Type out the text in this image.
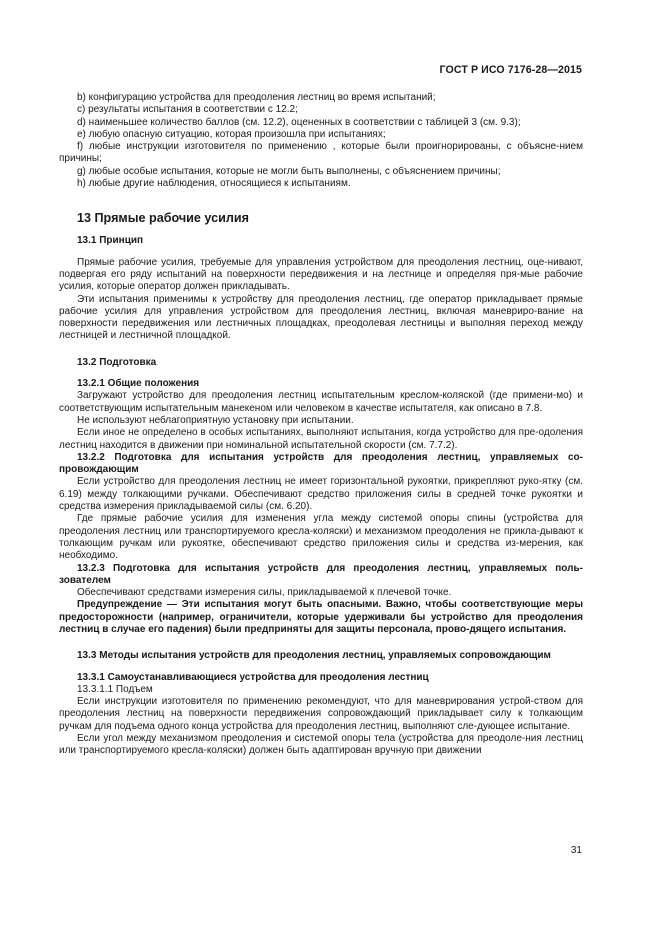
ГОСТ Р ИСО 7176-28—2015

b) конфигурацию устройства для преодоления лестниц во время испытаний;

c) результаты испытания в соответствии с 12.2;

d) наименьшее количество баллов (см. 12.2), оцененных в соответствии с таблицей 3 (см. 9.3);

e) любую опасную ситуацию, которая произошла при испытаниях;

f) любые инструкции изготовителя по применению , которые были проигнорированы, с объясне-нием причины;

g) любые особые испытания, которые не могли быть выполнены, с объяснением причины;

h) любые другие наблюдения, относящиеся к испытаниям.

13 Прямые рабочие усилия
13.1 Принцип

Прямые рабочие усилия, требуемые для управления устройством для преодоления лестниц, оце-нивают, подвергая его ряду испытаний на поверхности передвижения и на лестнице и определяя пря-мые рабочие усилия, которые оператор должен прикладывать.

Эти испытания применимы к устройству для преодоления лестниц, где оператор прикладывает прямые рабочие усилия для управления устройством для преодоления лестниц, включая маневриро-вание на поверхности передвижения или лестничных площадках, преодолевая лестницы и выполняя переход между лестницей и лестничной площадкой.

13.2 Подготовка
13.2.1 Общие положения

Загружают устройство для преодоления лестниц испытательным креслом-коляской (где примени-мо) и соответствующим испытательным манекеном или человеком в качестве испытателя, как описано в 7.8.

Не используют неблагоприятную установку при испытании.

Если иное не определено в особых испытаниях, выполняют испытания, когда устройство для пре-одоления лестниц находится в движении при номинальной испытательной скорости (см. 7.7.2).

13.2.2 Подготовка для испытания устройств для преодоления лестниц, управляемых со-провождающим

Если устройство для преодоления лестниц не имеет горизонтальной рукоятки, прикрепляют руко-ятку (см. 6.19) между толкающими ручками. Обеспечивают средство приложения силы в средней точке рукоятки и средства измерения прикладываемой силы (см. 6.20).

Где прямые рабочие усилия для изменения угла между системой опоры спины (устройства для преодоления лестниц или транспортируемого кресла-коляски) и механизмом преодоления не прикла-дывают к толкающим ручкам или рукоятке, обеспечивают средство приложения силы и средства из-мерения, как необходимо.

13.2.3 Подготовка для испытания устройств для преодоления лестниц, управляемых поль-зователем

Обеспечивают средствами измерения силы, прикладываемой к плечевой точке.

Предупреждение — Эти испытания могут быть опасными. Важно, чтобы соответствующие меры предосторожности (например, ограничители, которые удерживали бы устройство для преодоления лестниц в случае его падения) были предприняты для защиты персонала, прово-дящего испытания.

13.3 Методы испытания устройств для преодоления лестниц, управляемых сопровождающим
13.3.1 Самоустанавливающиеся устройства для преодоления лестниц

13.3.1.1 Подъем

Если инструкции изготовителя по применению рекомендуют, что для маневрирования устрой-ством для преодоления лестниц на поверхности передвижения сопровождающий прикладывает силу к толкающим ручкам для подъема одного конца устройства для преодоления лестниц, выполняют сле-дующее испытание.

Если угол между механизмом преодоления и системой опоры тела (устройства для преодоле-ния лестниц или транспортируемого кресла-коляски) должен быть адаптирован вручную при движении

31
